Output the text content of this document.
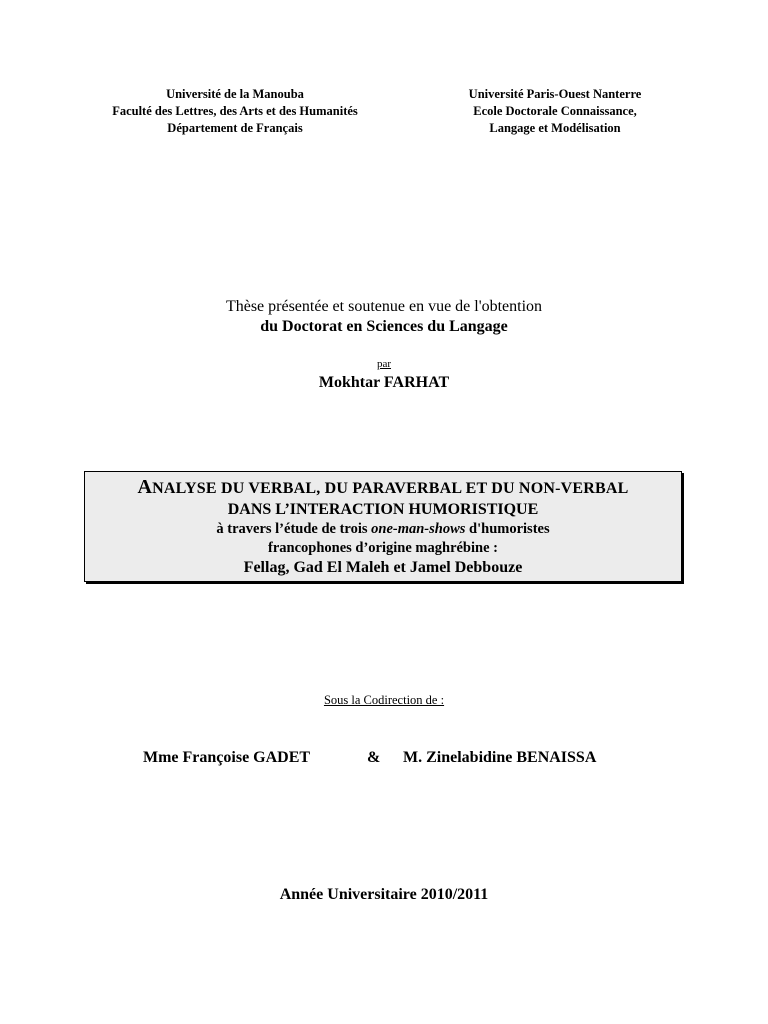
Université de la Manouba
Faculté des Lettres, des Arts et des Humanités
Département de Français
Université Paris-Ouest Nanterre
Ecole Doctorale Connaissance,
Langage et Modélisation
Thèse présentée et soutenue en vue de l'obtention
du Doctorat en Sciences du Langage
par
Mokhtar FARHAT
ANALYSE DU VERBAL, DU PARAVERBAL ET DU NON-VERBAL
DANS L’INTERACTION HUMORISTIQUE
à travers l’étude de trois one-man-shows d'humoristes
francophones d’origine maghrébine :
Fellag, Gad El Maleh et Jamel Debbouze
Sous la Codirection de :
Mme Françoise GADET	& M. Zinelabidine BENAISSA
Année Universitaire 2010/2011
